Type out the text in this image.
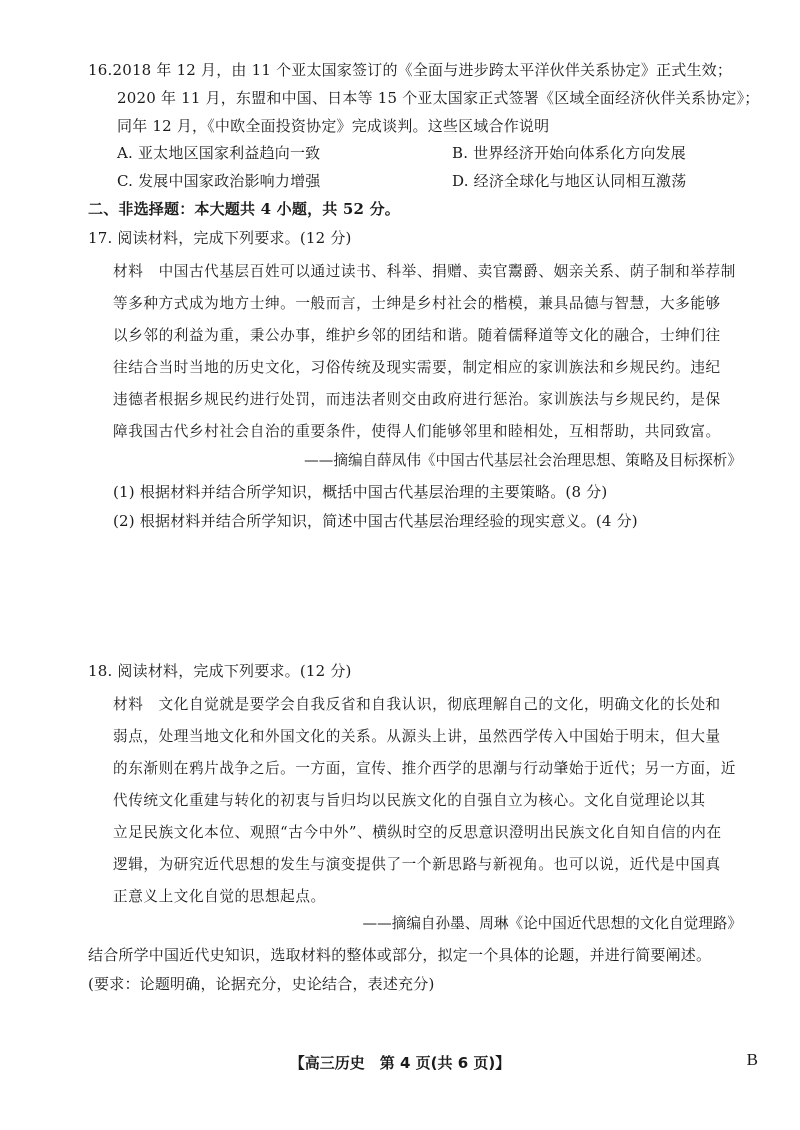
16.2018 年 12 月，由 11 个亚太国家签订的《全面与进步跨太平洋伙伴关系协定》正式生效；
2020 年 11 月，东盟和中国、日本等 15 个亚太国家正式签署《区域全面经济伙伴关系协定》；
同年 12 月，《中欧全面投资协定》完成谈判。这些区域合作说明
A. 亚太地区国家利益趋向一致	B. 世界经济开始向体系化方向发展
C. 发展中国家政治影响力增强	D. 经济全球化与地区认同相互激荡
二、非选择题：本大题共 4 小题，共 52 分。
17. 阅读材料，完成下列要求。(12 分)
材料　中国古代基层百姓可以通过读书、科举、捐赠、卖官鬻爵、姻亲关系、荫子制和举荐制
等多种方式成为地方士绅。一般而言，士绅是乡村社会的楷模，兼具品德与智慧，大多能够
以乡邻的利益为重，秉公办事，维护乡邻的团结和谐。随着儒释道等文化的融合，士绅们往
往结合当时当地的历史文化，习俗传统及现实需要，制定相应的家训族法和乡规民约。违纪
违德者根据乡规民约进行处罚，而违法者则交由政府进行惩治。家训族法与乡规民约，是保
障我国古代乡村社会自治的重要条件，使得人们能够邻里和睦相处，互相帮助，共同致富。
——摘编自薛凤伟《中国古代基层社会治理思想、策略及目标探析》
(1) 根据材料并结合所学知识，概括中国古代基层治理的主要策略。(8 分)
(2) 根据材料并结合所学知识，简述中国古代基层治理经验的现实意义。(4 分)
18. 阅读材料，完成下列要求。(12 分)
材料　文化自觉就是要学会自我反省和自我认识，彻底理解自己的文化，明确文化的长处和
弱点，处理当地文化和外国文化的关系。从源头上讲，虽然西学传入中国始于明末，但大量
的东渐则在鸦片战争之后。一方面，宣传、推介西学的思潮与行动肇始于近代；另一方面，近
代传统文化重建与转化的初衷与旨归均以民族文化的自强自立为核心。文化自觉理论以其
立足民族文化本位、观照“古今中外”、横纵时空的反思意识澄明出民族文化自知自信的内在
逻辑，为研究近代思想的发生与演变提供了一个新思路与新视角。也可以说，近代是中国真
正意义上文化自觉的思想起点。
——摘编自孙墨、周琳《论中国近代思想的文化自觉理路》
结合所学中国近代史知识，选取材料的整体或部分，拟定一个具体的论题，并进行简要阐述。
(要求：论题明确，论据充分，史论结合，表述充分)
【高三历史　第 4 页(共 6 页)】	B
